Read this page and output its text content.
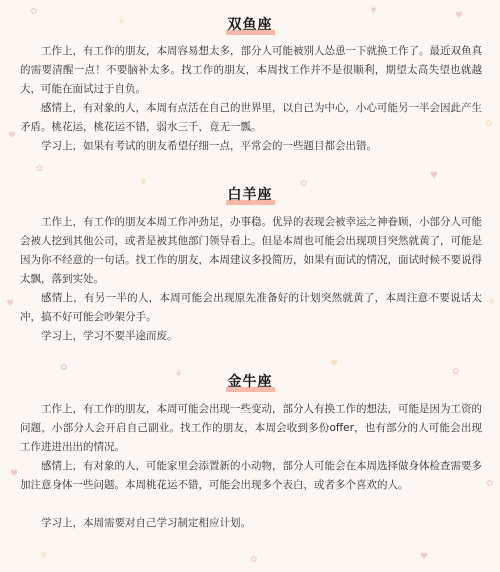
✿
❦
♥
❦
♥
✿
✿
♥
❦	✿
♥	❦
✿
❦
♥
✿
♥
✿
❦	✿	♥
双鱼座

工作上，有工作的朋友，本周容易想太多，部分人可能被别人怂恿一下就换工作了。最近双鱼真的需要清醒一点！不要脑补太多。找工作的朋友，本周找工作并不是很顺利，期望太高失望也就越大，可能在面试过于自负。

感情上，有对象的人，本周有点活在自己的世界里，以自己为中心，小心可能另一半会因此产生矛盾。桃花运，桃花运不错，弱水三千，竟无一瓢。

学习上，如果有考试的朋友希望仔细一点，平常会的一些题目都会出错。

白羊座

工作上，有工作的朋友本周工作冲劲足，办事稳。优异的表现会被幸运之神眷顾，小部分人可能会被人挖到其他公司，或者是被其他部门领导看上。但是本周也可能会出现项目突然就黄了，可能是因为你不经意的一句话。找工作的朋友，本周建议多投简历，如果有面试的情况，面试时候不要说得太飘，落到实处。

感情上，有另一半的人，本周可能会出现原先准备好的计划突然就黄了，本周注意不要说话太冲，搞不好可能会吵架分手。

学习上，学习不要半途而废。

金牛座

工作上，有工作的朋友，本周可能会出现一些变动，部分人有换工作的想法，可能是因为工资的问题，小部分人会开启自己副业。找工作的朋友，本周会收到多份offer，也有部分的人可能会出现工作进进出出的情况。

感情上，有对象的人，可能家里会添置新的小动物，部分人可能会在本周选择做身体检查需要多加注意身体一些问题。本周桃花运不错，可能会出现多个表白，或者多个喜欢的人。

学习上，本周需要对自己学习制定相应计划。
